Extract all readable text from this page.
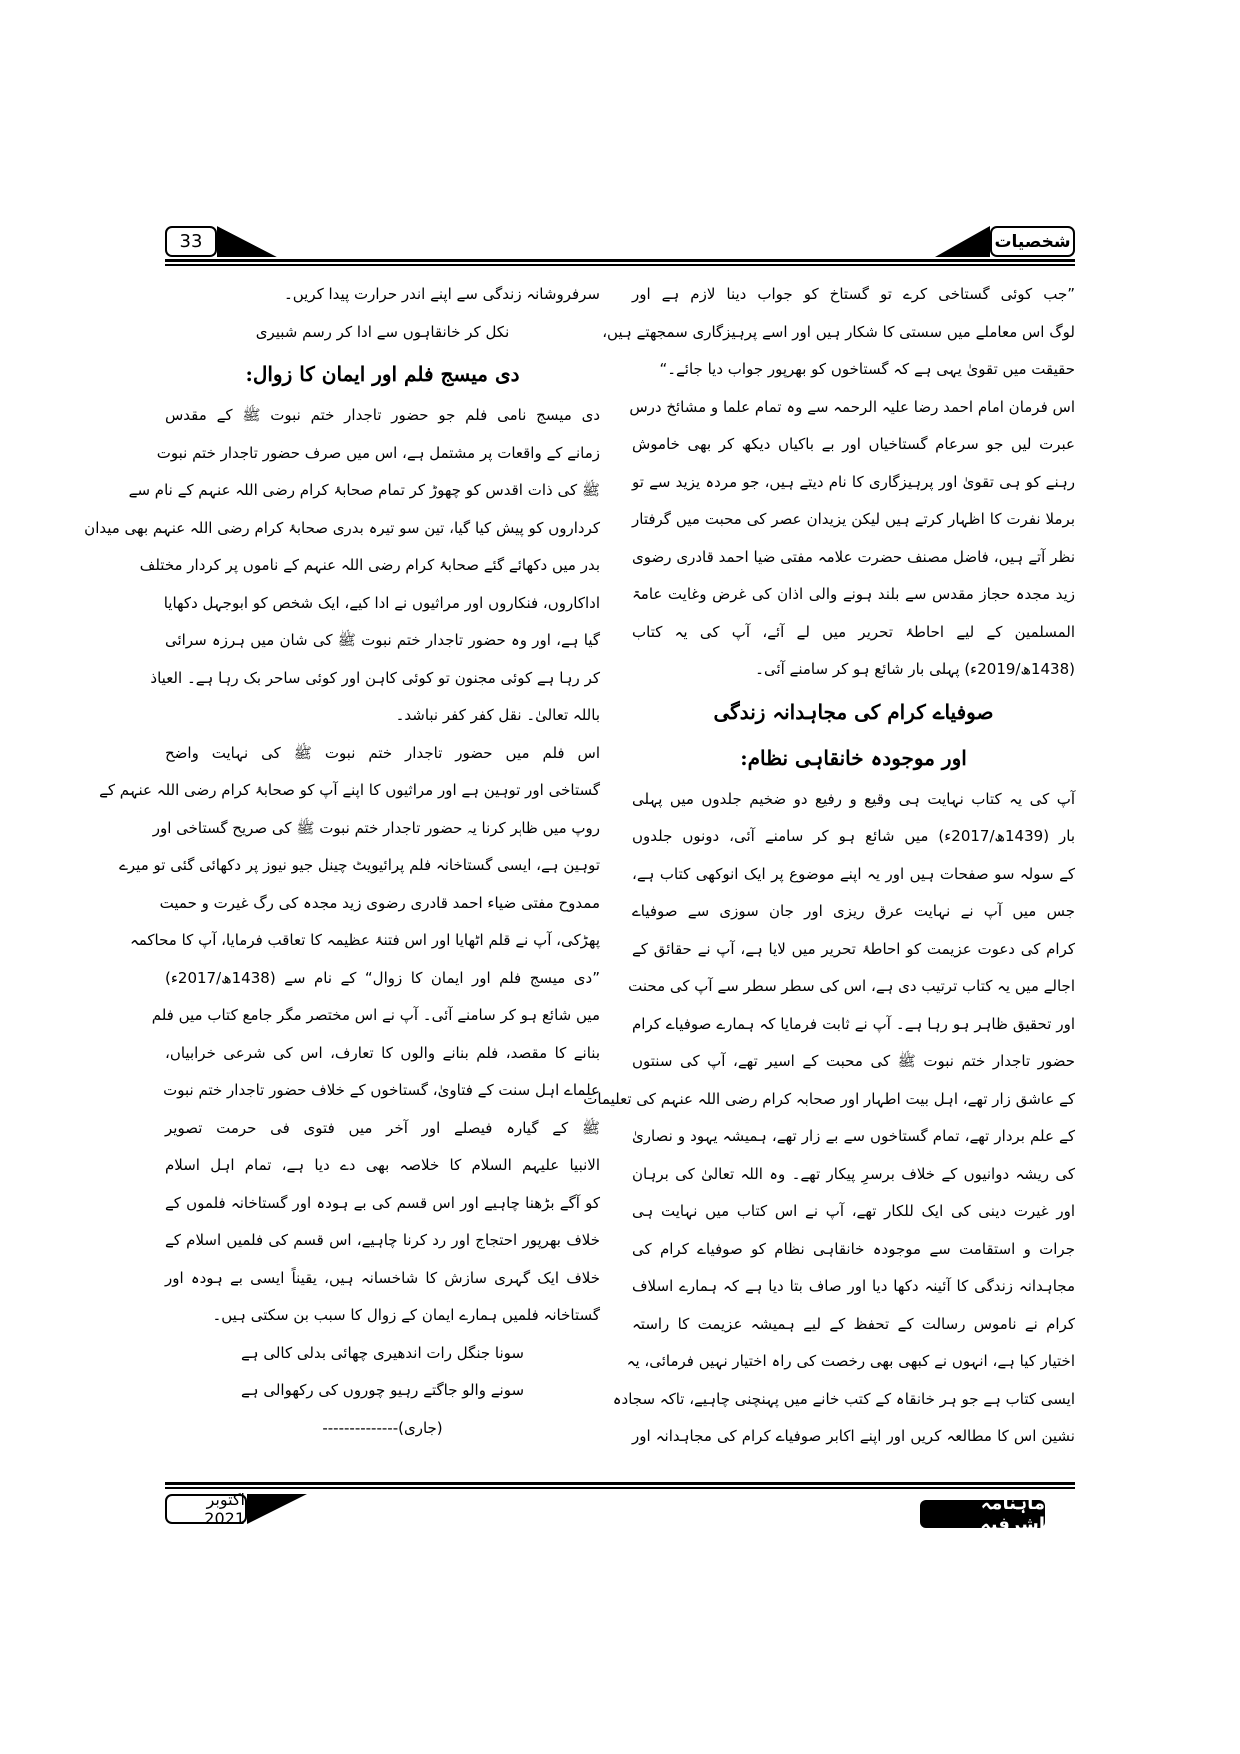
33	شخصیات
”جب کوئی گستاخی کرے تو گستاخ کو جواب دینا لازم ہے اور
لوگ اس معاملے میں سستی کا شکار ہیں اور اسے پرہیزگاری سمجھتے ہیں،
حقیقت میں تقویٰ یہی ہے کہ گستاخوں کو بھرپور جواب دیا جائے۔“
اس فرمان امام احمد رضا علیہ الرحمہ سے وہ تمام علما و مشائخ درس
عبرت لیں جو سرعام گستاخیاں اور بے باکیاں دیکھ کر بھی خاموش
رہنے کو ہی تقویٰ اور پرہیزگاری کا نام دیتے ہیں، جو مردہ یزید سے تو
برملا نفرت کا اظہار کرتے ہیں لیکن یزیدان عصر کی محبت میں گرفتار
نظر آتے ہیں، فاضل مصنف حضرت علامہ مفتی ضیا احمد قادری رضوی
زید مجدہ حجاز مقدس سے بلند ہونے والی اذان کی غرض وغایت عامۃ
المسلمین کے لیے احاطۂ تحریر میں لے آئے، آپ کی یہ کتاب
(1438ھ/2019ء) پہلی بار شائع ہو کر سامنے آئی۔
صوفیاے کرام کی مجاہدانہ زندگی
اور موجودہ خانقاہی نظام:
آپ کی یہ کتاب نہایت ہی وقیع و رفیع دو ضخیم جلدوں میں پہلی
بار (1439ھ/2017ء) میں شائع ہو کر سامنے آئی، دونوں جلدوں
کے سولہ سو صفحات ہیں اور یہ اپنے موضوع پر ایک انوکھی کتاب ہے،
جس میں آپ نے نہایت عرق ریزی اور جان سوزی سے صوفیاے
کرام کی دعوت عزیمت کو احاطۂ تحریر میں لایا ہے، آپ نے حقائق کے
اجالے میں یہ کتاب ترتیب دی ہے، اس کی سطر سطر سے آپ کی محنت
اور تحقیق ظاہر ہو رہا ہے۔ آپ نے ثابت فرمایا کہ ہمارے صوفیاے کرام
حضور تاجدار ختم نبوت ﷺ کی محبت کے اسیر تھے، آپ کی سنتوں
کے عاشق زار تھے، اہل بیت اطہار اور صحابہ کرام رضی اللہ عنہم کی تعلیمات
کے علم بردار تھے، تمام گستاخوں سے بے زار تھے، ہمیشہ یہود و نصاریٰ
کی ریشہ دوانیوں کے خلاف برسرِ پیکار تھے۔ وہ اللہ تعالیٰ کی برہان
اور غیرت دینی کی ایک للکار تھے، آپ نے اس کتاب میں نہایت ہی
جرات و استقامت سے موجودہ خانقاہی نظام کو صوفیاے کرام کی
مجاہدانہ زندگی کا آئینہ دکھا دیا اور صاف بتا دیا ہے کہ ہمارے اسلاف
کرام نے ناموس رسالت کے تحفظ کے لیے ہمیشہ عزیمت کا راستہ
اختیار کیا ہے، انہوں نے کبھی بھی رخصت کی راہ اختیار نہیں فرمائی، یہ
ایسی کتاب ہے جو ہر خانقاہ کے کتب خانے میں پہنچنی چاہیے، تاکہ سجادہ
نشین اس کا مطالعہ کریں اور اپنے اکابر صوفیاے کرام کی مجاہدانہ اور
سرفروشانہ زندگی سے اپنے اندر حرارت پیدا کریں۔
نکل کر خانقاہوں سے ادا کر رسم شبیری
دی میسج فلم اور ایمان کا زوال:
دی میسج نامی فلم جو حضور تاجدار ختم نبوت ﷺ کے مقدس
زمانے کے واقعات پر مشتمل ہے، اس میں صرف حضور تاجدار ختم نبوت
ﷺ کی ذات اقدس کو چھوڑ کر تمام صحابۂ کرام رضی اللہ عنہم کے نام سے
کرداروں کو پیش کیا گیا، تین سو تیرہ بدری صحابۂ کرام رضی اللہ عنہم بھی میدان
بدر میں دکھائے گئے صحابۂ کرام رضی اللہ عنہم کے ناموں پر کردار مختلف
اداکاروں، فنکاروں اور مراثیوں نے ادا کیے، ایک شخص کو ابوجہل دکھایا
گیا ہے، اور وہ حضور تاجدار ختم نبوت ﷺ کی شان میں ہرزہ سرائی
کر رہا ہے کوئی مجنون تو کوئی کاہن اور کوئی ساحر بک رہا ہے۔ العیاذ
باللہ تعالیٰ۔ نقل کفر کفر نباشد۔
اس فلم میں حضور تاجدار ختم نبوت ﷺ کی نہایت واضح
گستاخی اور توہین ہے اور مراثیوں کا اپنے آپ کو صحابۂ کرام رضی اللہ عنہم کے
روپ میں ظاہر کرنا یہ حضور تاجدار ختم نبوت ﷺ کی صریح گستاخی اور
توہین ہے، ایسی گستاخانہ فلم پرائیویٹ چینل جیو نیوز پر دکھائی گئی تو میرے
ممدوح مفتی ضیاء احمد قادری رضوی زید مجدہ کی رگ غیرت و حمیت
پھڑکی، آپ نے قلم اٹھایا اور اس فتنۂ عظیمہ کا تعاقب فرمایا، آپ کا محاکمہ
”دی میسج فلم اور ایمان کا زوال“ کے نام سے (1438ھ/2017ء)
میں شائع ہو کر سامنے آئی۔ آپ نے اس مختصر مگر جامع کتاب میں فلم
بنانے کا مقصد، فلم بنانے والوں کا تعارف، اس کی شرعی خرابیاں،
علماے اہل سنت کے فتاویٰ، گستاخوں کے خلاف حضور تاجدار ختم نبوت
ﷺ کے گیارہ فیصلے اور آخر میں فتوی فی حرمت تصویر
الانبیا علیہم السلام کا خلاصہ بھی دے دیا ہے، تمام اہل اسلام
کو آگے بڑھنا چاہیے اور اس قسم کی بے ہودہ اور گستاخانہ فلموں کے
خلاف بھرپور احتجاج اور رد کرنا چاہیے، اس قسم کی فلمیں اسلام کے
خلاف ایک گہری سازش کا شاخسانہ ہیں، یقیناً ایسی بے ہودہ اور
گستاخانہ فلمیں ہمارے ایمان کے زوال کا سبب بن سکتی ہیں۔
سونا جنگل رات اندھیری چھائی بدلی کالی ہے
سونے والو جاگتے رہیو چوروں کی رکھوالی ہے
(جاری)--------------
اکتوبر 2021
ماہنامہ اشرفیہ
